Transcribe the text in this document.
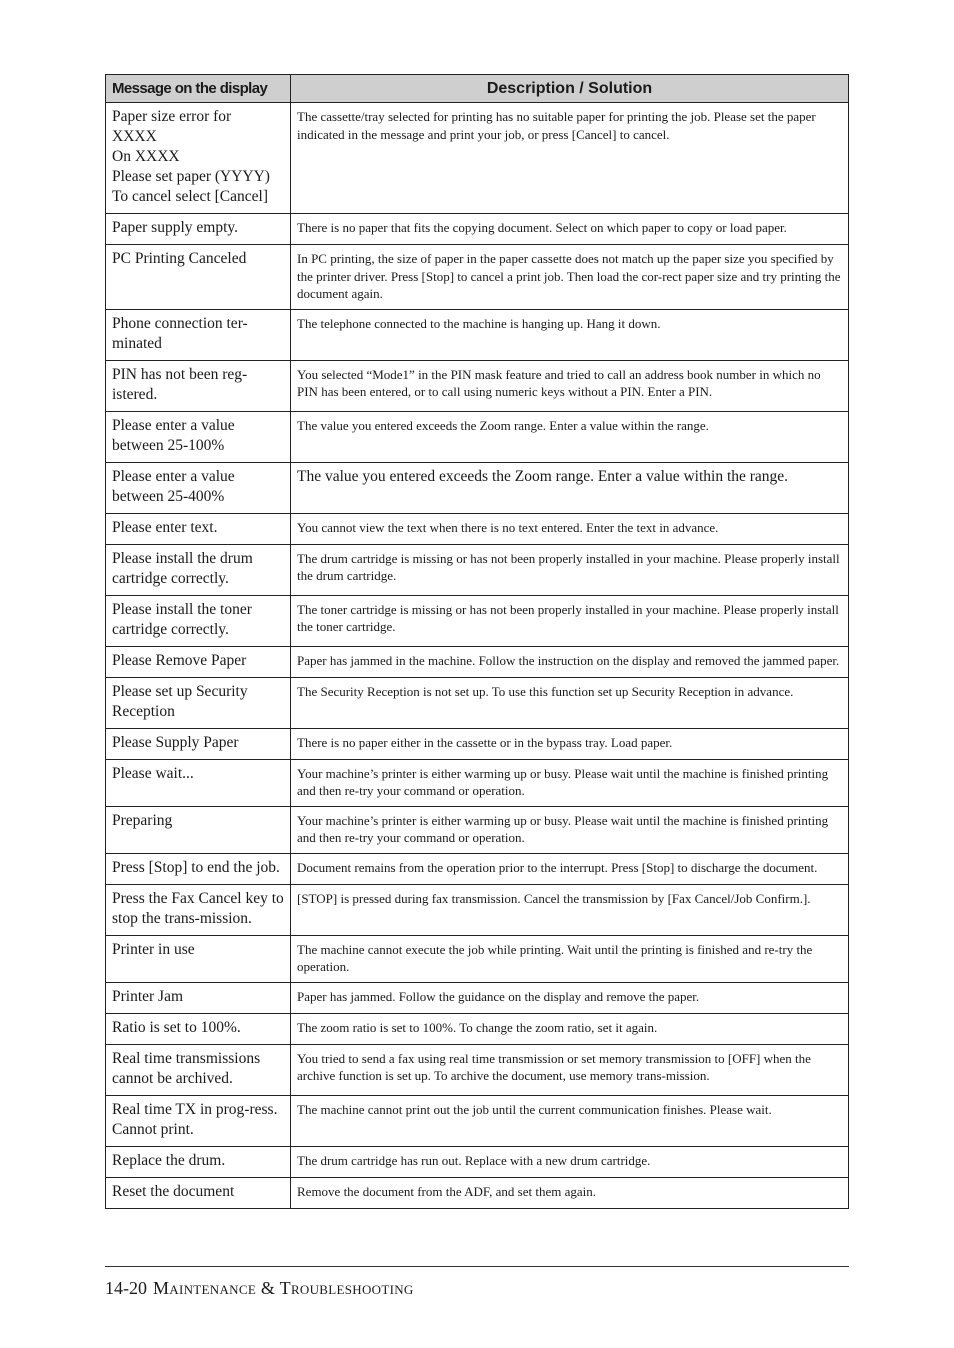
Message on the display	Description / Solution
Paper size error for
XXXX
On XXXX
Please set paper (YYYY)
To cancel select [Cancel]	The cassette/tray selected for printing has no suitable paper for printing the job. Please set the paper indicated in the message and print your job, or press [Cancel] to cancel.
Paper supply empty.	There is no paper that fits the copying document. Select on which paper to copy or load paper.
PC Printing Canceled	In PC printing, the size of paper in the paper cassette does not match up the paper size you specified by the printer driver. Press [Stop] to cancel a print job. Then load the cor-rect paper size and try printing the document again.
Phone connection ter-minated	The telephone connected to the machine is hanging up. Hang it down.
PIN has not been reg-istered.	You selected “Mode1” in the PIN mask feature and tried to call an address book number in which no PIN has been entered, or to call using numeric keys without a PIN. Enter a PIN.
Please enter a value between 25-100%	The value you entered exceeds the Zoom range. Enter a value within the range.
Please enter a value between 25-400%	The value you entered exceeds the Zoom range. Enter a value within the range.
Please enter text.	You cannot view the text when there is no text entered. Enter the text in advance.
Please install the drum cartridge correctly.	The drum cartridge is missing or has not been properly installed in your machine. Please properly install the drum cartridge.
Please install the toner cartridge correctly.	The toner cartridge is missing or has not been properly installed in your machine. Please properly install the toner cartridge.
Please Remove Paper	Paper has jammed in the machine. Follow the instruction on the display and removed the jammed paper.
Please set up Security Reception	The Security Reception is not set up. To use this function set up Security Reception in advance.
Please Supply Paper	There is no paper either in the cassette or in the bypass tray. Load paper.
Please wait...	Your machine’s printer is either warming up or busy. Please wait until the machine is finished printing and then re-try your command or operation.
Preparing	Your machine’s printer is either warming up or busy. Please wait until the machine is finished printing and then re-try your command or operation.
Press [Stop] to end the job.	Document remains from the operation prior to the interrupt. Press [Stop] to discharge the document.
Press the Fax Cancel key to stop the trans-mission.	[STOP] is pressed during fax transmission. Cancel the transmission by [Fax Cancel/Job Confirm.].
Printer in use	The machine cannot execute the job while printing. Wait until the printing is finished and re-try the operation.
Printer Jam	Paper has jammed. Follow the guidance on the display and remove the paper.
Ratio is set to 100%.	The zoom ratio is set to 100%. To change the zoom ratio, set it again.
Real time transmissions cannot be archived.	You tried to send a fax using real time transmission or set memory transmission to [OFF] when the archive function is set up. To archive the document, use memory trans-mission.
Real time TX in prog-ress. Cannot print.	The machine cannot print out the job until the current communication finishes. Please wait.
Replace the drum.	The drum cartridge has run out. Replace with a new drum cartridge.
Reset the document	Remove the document from the ADF, and set them again.
14-20 Maintenance & Troubleshooting
